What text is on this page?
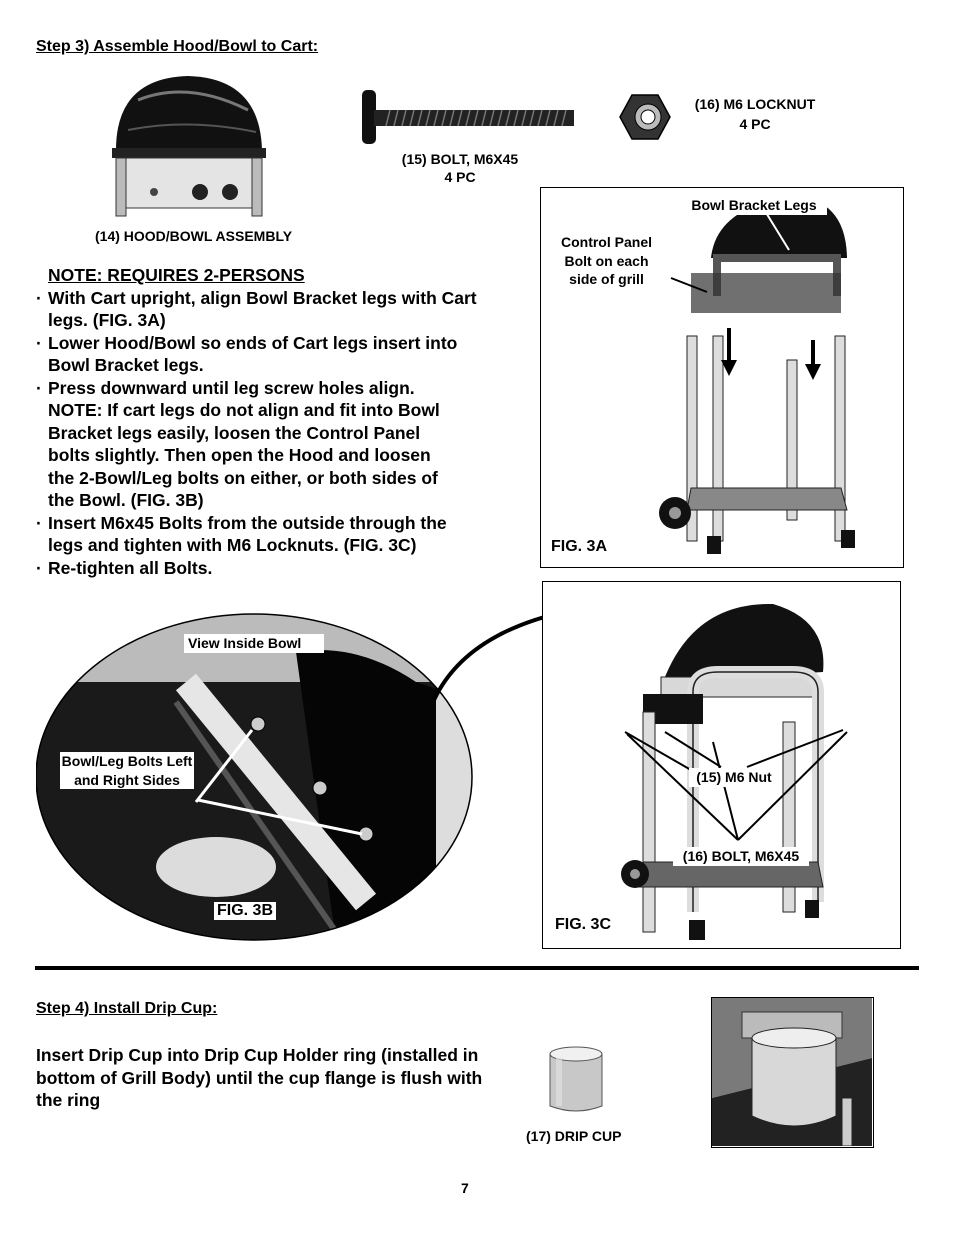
Step 3) Assemble Hood/Bowl to Cart:
(14) HOOD/BOWL ASSEMBLY
(15) BOLT, M6X45
4 PC
(16) M6 LOCKNUT
4 PC
NOTE: REQUIRES 2-PERSONS
· With Cart upright, align Bowl Bracket legs with Cart legs. (FIG. 3A)
· Lower Hood/Bowl so ends of Cart legs insert into Bowl Bracket legs.
· Press downward until leg screw holes align. NOTE: If cart legs do not align and fit into Bowl Bracket legs easily, loosen the Control Panel bolts slightly. Then open the Hood and loosen the 2-Bowl/Leg bolts on either, or both sides of the Bowl. (FIG. 3B)
· Insert M6x45 Bolts from the outside through the legs and tighten with M6 Locknuts. (FIG. 3C)
· Re-tighten all Bolts.
Bowl Bracket Legs
Control Panel Bolt on each side of grill
FIG. 3A
View Inside Bowl
Bowl/Leg Bolts Left and Right Sides
FIG. 3B
(15) M6 Nut
(16) BOLT, M6X45
FIG. 3C
Step 4) Install Drip Cup:
Insert Drip Cup into Drip Cup Holder ring (installed in bottom of Grill Body) until the cup flange is flush with the ring
(17) DRIP CUP
7
